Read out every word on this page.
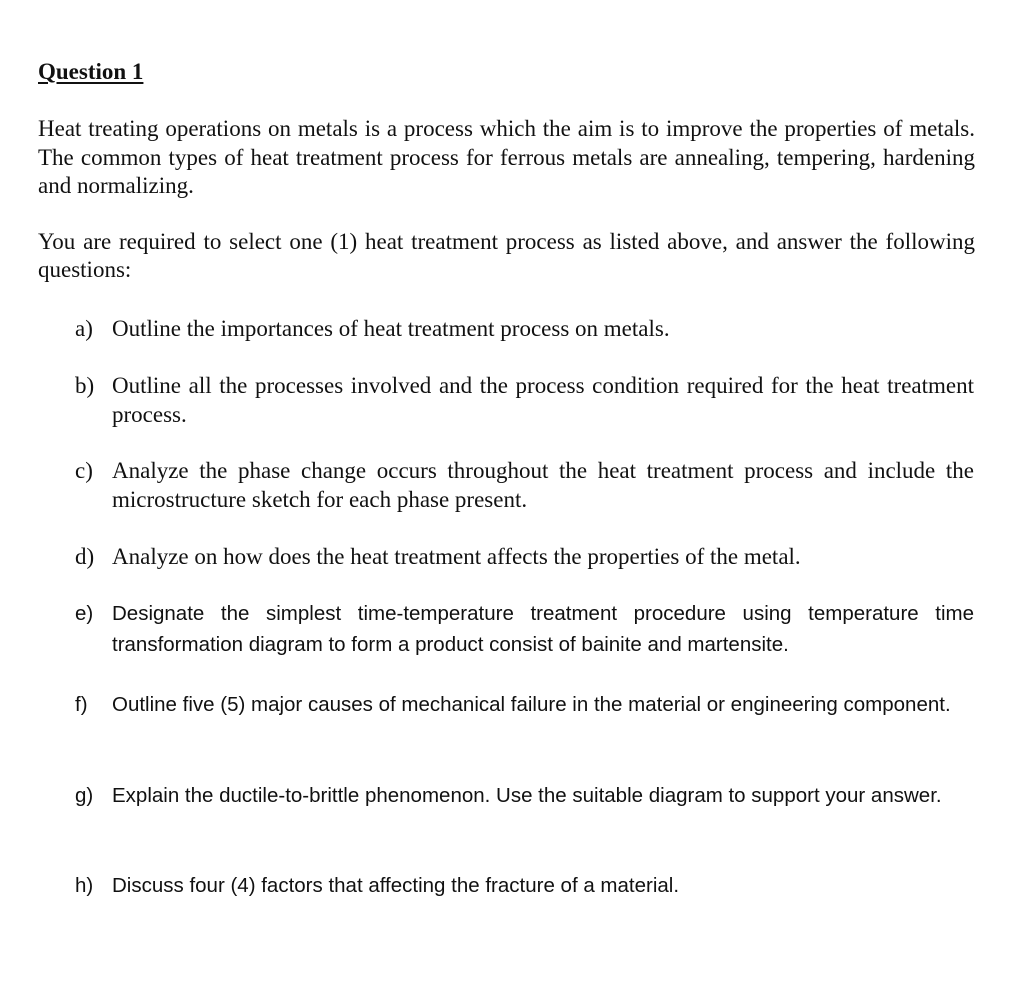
Question 1

Heat treating operations on metals is a process which the aim is to improve the properties of metals. The common types of heat treatment process for ferrous metals are annealing, tempering, hardening and normalizing.

You are required to select one (1) heat treatment process as listed above, and answer the following questions:

a) Outline the importances of heat treatment process on metals.
b) Outline all the processes involved and the process condition required for the heat treatment process.
c) Analyze the phase change occurs throughout the heat treatment process and include the microstructure sketch for each phase present.
d) Analyze on how does the heat treatment affects the properties of the metal.
e) Designate the simplest time-temperature treatment procedure using temperature time transformation diagram to form a product consist of bainite and martensite.
f)	Outline five (5) major causes of mechanical failure in the material or engineering component.
g) Explain the ductile-to-brittle phenomenon. Use the suitable diagram to support your answer.
h) Discuss four (4) factors that affecting the fracture of a material.
